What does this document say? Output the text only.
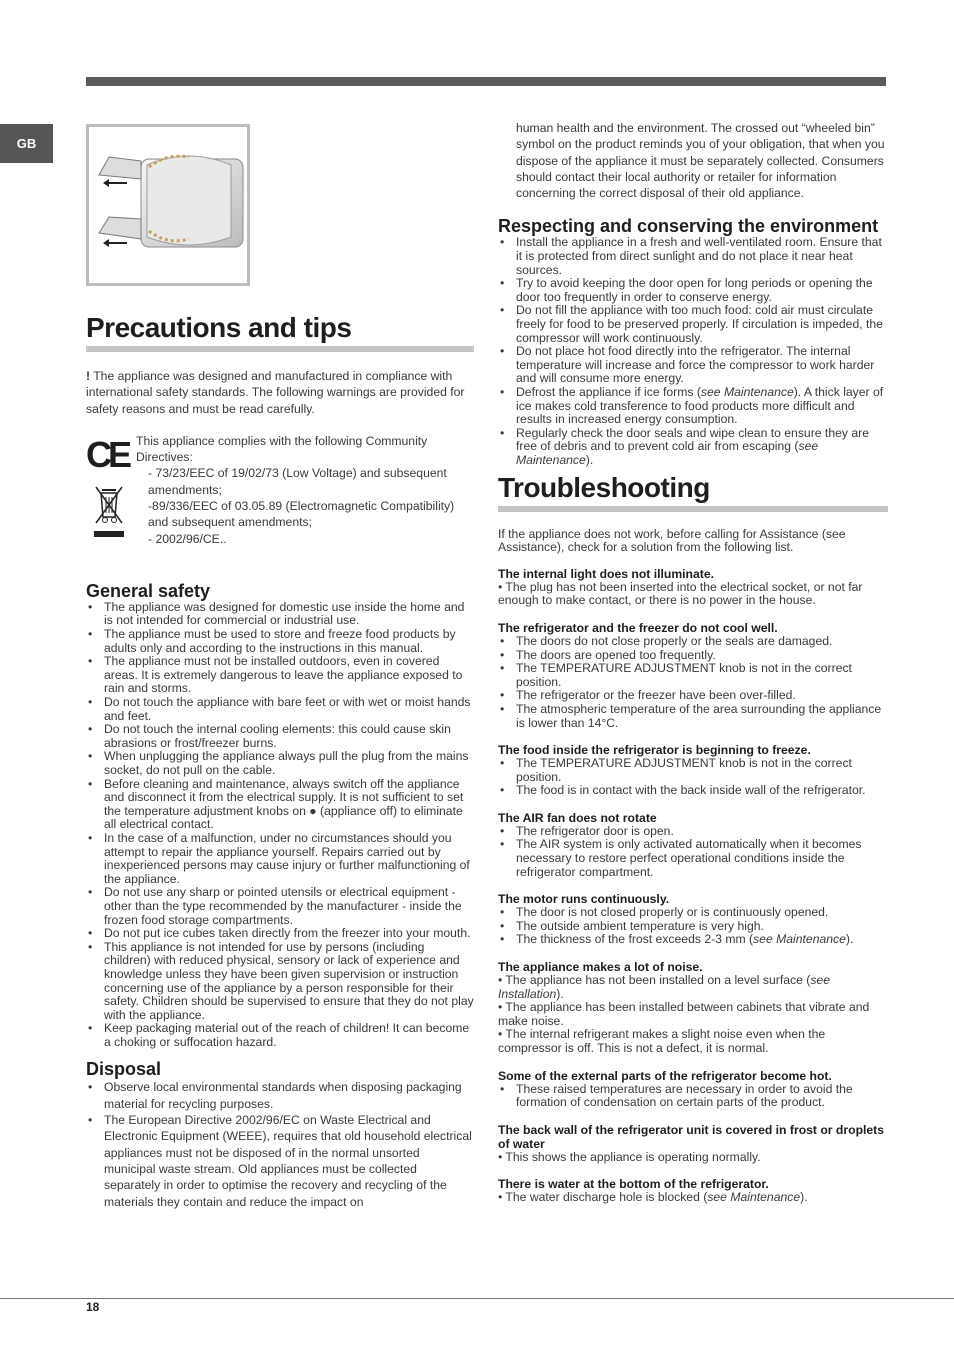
GB
Precautions and tips

! The appliance was designed and manufactured in compliance with international safety standards. The following warnings are provided for safety reasons and must be read carefully.

CE This appliance complies with the following Community Directives:

- 73/23/EEC of 19/02/73 (Low Voltage) and subsequent amendments;

-89/336/EEC of 03.05.89 (Electromagnetic Compatibility) and subsequent amendments;

- 2002/96/CE..

General safety
• The appliance was designed for domestic use inside the home and is not intended for commercial or industrial use.
• The appliance must be used to store and freeze food products by adults only and according to the instructions in this manual.
• The appliance must not be installed outdoors, even in covered areas. It is extremely dangerous to leave the appliance exposed to rain and storms.
• Do not touch the appliance with bare feet or with wet or moist hands and feet.
• Do not touch the internal cooling elements: this could cause skin abrasions or frost/freezer burns.
• When unplugging the appliance always pull the plug from the mains socket, do not pull on the cable.
• Before cleaning and maintenance, always switch off the appliance and disconnect it from the electrical supply. It is not sufficient to set the temperature adjustment knobs on ● (appliance off) to eliminate all electrical contact.
• In the case of a malfunction, under no circumstances should you attempt to repair the appliance yourself. Repairs carried out by inexperienced persons may cause injury or further malfunctioning of the appliance.
• Do not use any sharp or pointed utensils or electrical equipment - other than the type recommended by the manufacturer - inside the frozen food storage compartments.
• Do not put ice cubes taken directly from the freezer into your mouth.
• This appliance is not intended for use by persons (including children) with reduced physical, sensory or lack of experience and knowledge unless they have been given supervision or instruction concerning use of the appliance by a person responsible for their safety. Children should be supervised to ensure that they do not play with the appliance.
• Keep packaging material out of the reach of children! It can become a choking or suffocation hazard.
Disposal
• Observe local environmental standards when disposing packaging material for recycling purposes.
• The European Directive 2002/96/EC on Waste Electrical and Electronic Equipment (WEEE), requires that old household electrical appliances must not be disposed of in the normal unsorted municipal waste stream. Old appliances must be collected separately in order to optimise the recovery and recycling of the materials they contain and reduce the impact on

human health and the environment. The crossed out “wheeled bin” symbol on the product reminds you of your obligation, that when you dispose of the appliance it must be separately collected. Consumers should contact their local authority or retailer for information concerning the correct disposal of their old appliance.

Respecting and conserving the environment
• Install the appliance in a fresh and well-ventilated room. Ensure that it is protected from direct sunlight and do not place it near heat sources.
• Try to avoid keeping the door open for long periods or opening the door too frequently in order to conserve energy.
• Do not fill the appliance with too much food: cold air must circulate freely for food to be preserved properly. If circulation is impeded, the compressor will work continuously.
• Do not place hot food directly into the refrigerator. The internal temperature will increase and force the compressor to work harder and will consume more energy.
• Defrost the appliance if ice forms (see Maintenance). A thick layer of ice makes cold transference to food products more difficult and results in increased energy consumption.
• Regularly check the door seals and wipe clean to ensure they are free of debris and to prevent cold air from escaping (see Maintenance).
Troubleshooting

If the appliance does not work, before calling for Assistance (see Assistance), check for a solution from the following list.

The internal light does not illuminate.

• The plug has not been inserted into the electrical socket, or not far enough to make contact, or there is no power in the house.

The refrigerator and the freezer do not cool well.

• The doors do not close properly or the seals are damaged.
• The doors are opened too frequently.
• The TEMPERATURE ADJUSTMENT knob is not in the correct position.
• The refrigerator or the freezer have been over-filled.
• The atmospheric temperature of the area surrounding the appliance is lower than 14°C.

The food inside the refrigerator is beginning to freeze.

• The TEMPERATURE ADJUSTMENT knob is not in the correct position.
• The food is in contact with the back inside wall of the refrigerator.

The AIR fan does not rotate

• The refrigerator door is open.
• The AIR system is only activated automatically when it becomes necessary to restore perfect operational conditions inside the refrigerator compartment.

The motor runs continuously.

• The door is not closed properly or is continuously opened.
• The outside ambient temperature is very high.
• The thickness of the frost exceeds 2-3 mm (see Maintenance).

The appliance makes a lot of noise.

• The appliance has not been installed on a level surface (see Installation).

• The appliance has been installed between cabinets that vibrate and make noise.

• The internal refrigerant makes a slight noise even when the compressor is off. This is not a defect, it is normal.

Some of the external parts of the refrigerator become hot.

• These raised temperatures are necessary in order to avoid the formation of condensation on certain parts of the product.

The back wall of the refrigerator unit is covered in frost or droplets of water

• This shows the appliance is operating normally.

There is water at the bottom of the refrigerator.

• The water discharge hole is blocked (see Maintenance).

18
